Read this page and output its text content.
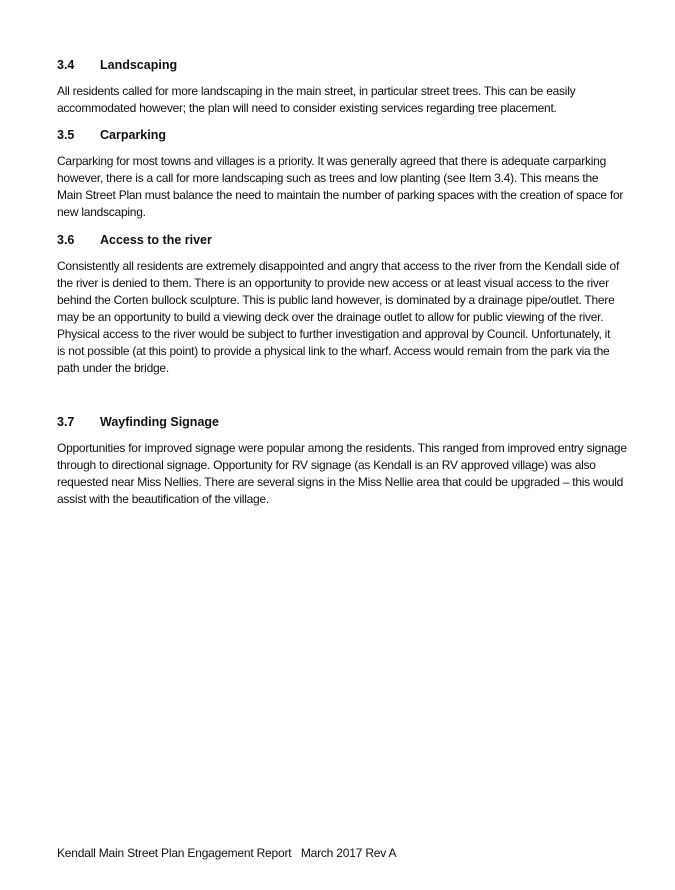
3.4 Landscaping
All residents called for more landscaping in the main street, in particular street trees. This can be easily
accommodated however; the plan will need to consider existing services regarding tree placement.
3.5 Carparking
Carparking for most towns and villages is a priority. It was generally agreed that there is adequate carparking
however, there is a call for more landscaping such as trees and low planting (see Item 3.4). This means the
Main Street Plan must balance the need to maintain the number of parking spaces with the creation of space for
new landscaping.
3.6 Access to the river
Consistently all residents are extremely disappointed and angry that access to the river from the Kendall side of
the river is denied to them. There is an opportunity to provide new access or at least visual access to the river
behind the Corten bullock sculpture. This is public land however, is dominated by a drainage pipe/outlet. There
may be an opportunity to build a viewing deck over the drainage outlet to allow for public viewing of the river.
Physical access to the river would be subject to further investigation and approval by Council. Unfortunately, it
is not possible (at this point) to provide a physical link to the wharf. Access would remain from the park via the
path under the bridge.
3.7 Wayfinding Signage
Opportunities for improved signage were popular among the residents. This ranged from improved entry signage
through to directional signage. Opportunity for RV signage (as Kendall is an RV approved village) was also
requested near Miss Nellies. There are several signs in the Miss Nellie area that could be upgraded – this would
assist with the beautification of the village.
Kendall Main Street Plan Engagement Report   March 2017 Rev A
